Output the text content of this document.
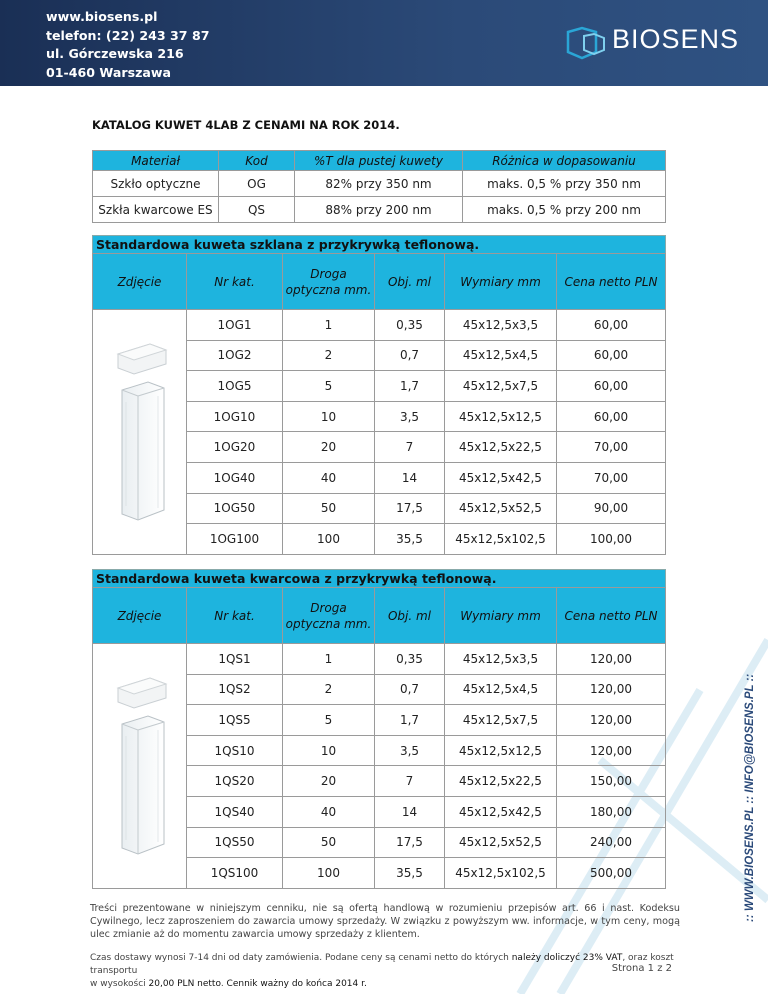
www.biosens.pl
telefon: (22) 243 37 87
ul. Górczewska 216
01-460 Warszawa
BIOSENS
:: WWW.BIOSENS.PL :: INFO@BIOSENS.PL ::
KATALOG KUWET 4LAB Z CENAMI NA ROK 2014.
Materiał	Kod	%T dla pustej kuwety	Różnica w dopasowaniu
Szkło optyczne	OG	82% przy 350 nm	maks. 0,5 % przy 350 nm
Szkła kwarcowe ES	QS	88% przy 200 nm	maks. 0,5 % przy 200 nm
Standardowa kuweta szklana z przykrywką teflonową.
Zdjęcie	Nr kat.	Droga optyczna mm.	Obj. ml	Wymiary mm	Cena netto PLN
	1OG1	1	0,35	45x12,5x3,5	60,00
	1OG2	2	0,7	45x12,5x4,5	60,00
	1OG5	5	1,7	45x12,5x7,5	60,00
	1OG10	10	3,5	45x12,5x12,5	60,00
	1OG20	20	7	45x12,5x22,5	70,00
	1OG40	40	14	45x12,5x42,5	70,00
	1OG50	50	17,5	45x12,5x52,5	90,00
	1OG100	100	35,5	45x12,5x102,5	100,00
Standardowa kuweta kwarcowa z przykrywką teflonową.
Zdjęcie	Nr kat.	Droga optyczna mm.	Obj. ml	Wymiary mm	Cena netto PLN
	1QS1	1	0,35	45x12,5x3,5	120,00
	1QS2	2	0,7	45x12,5x4,5	120,00
	1QS5	5	1,7	45x12,5x7,5	120,00
	1QS10	10	3,5	45x12,5x12,5	120,00
	1QS20	20	7	45x12,5x22,5	150,00
	1QS40	40	14	45x12,5x42,5	180,00
	1QS50	50	17,5	45x12,5x52,5	240,00
	1QS100	100	35,5	45x12,5x102,5	500,00
Treści prezentowane w niniejszym cenniku, nie są ofertą handlową w rozumieniu przepisów art. 66 i nast. Kodeksu Cywilnego, lecz zaproszeniem do zawarcia umowy sprzedaży. W związku z powyższym ww. informacje, w tym ceny, mogą ulec zmianie aż do momentu zawarcia umowy sprzedaży z klientem.
Czas dostawy wynosi 7-14 dni od daty zamówienia. Podane ceny są cenami netto do których należy doliczyć 23% VAT, oraz koszt transportu
w wysokości 20,00 PLN netto. Cennik ważny do końca 2014 r.
Strona 1 z 2
